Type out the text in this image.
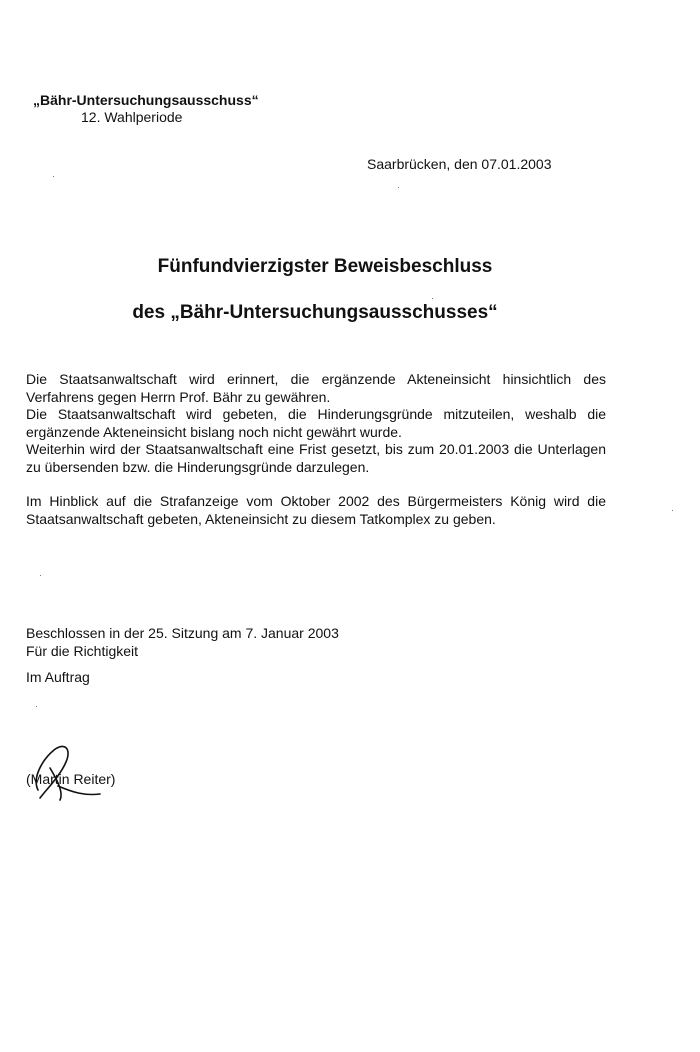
„Bähr-Untersuchungsausschuss“
12. Wahlperiode
Saarbrücken, den 07.01.2003
Fünfundvierzigster Beweisbeschluss
des „Bähr-Untersuchungsausschusses“

Die Staatsanwaltschaft wird erinnert, die ergänzende Akteneinsicht hinsichtlich des Verfahrens gegen Herrn Prof. Bähr zu gewähren.

Die Staatsanwaltschaft wird gebeten, die Hinderungsgründe mitzuteilen, weshalb die ergänzende Akteneinsicht bislang noch nicht gewährt wurde.

Weiterhin wird der Staatsanwaltschaft eine Frist gesetzt, bis zum 20.01.2003 die Unterlagen zu übersenden bzw. die Hinderungsgründe darzulegen.

Im Hinblick auf die Strafanzeige vom Oktober 2002 des Bürgermeisters König wird die Staatsanwaltschaft gebeten, Akteneinsicht zu diesem Tatkomplex zu geben.

Beschlossen in der 25. Sitzung am 7. Januar 2003

Für die Richtigkeit

Im Auftrag

(Martin Reiter)
